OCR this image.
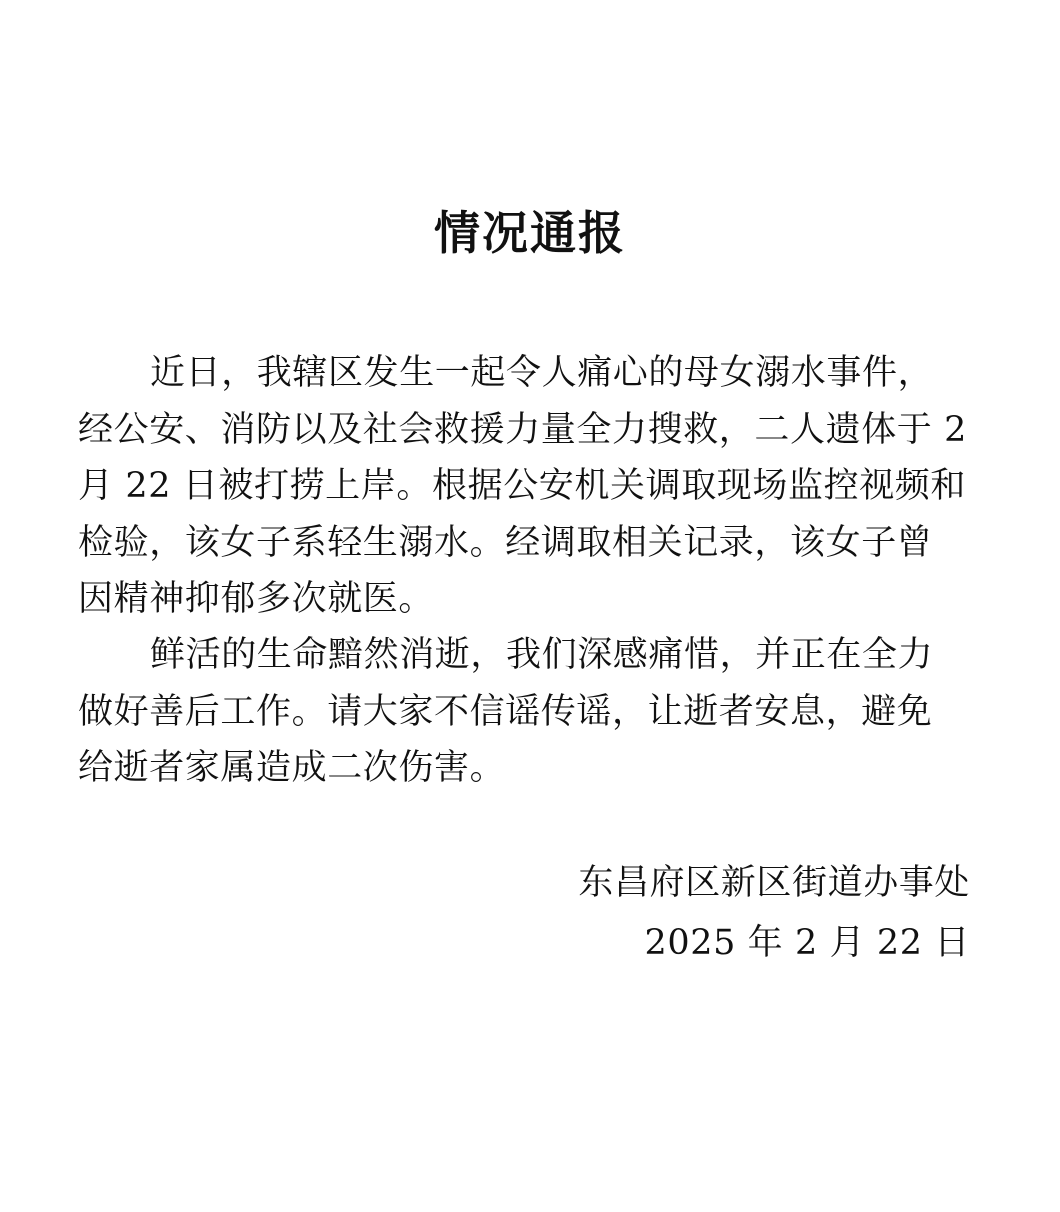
情况通报
近日，我辖区发生一起令人痛心的母女溺水事件，
经公安、消防以及社会救援力量全力搜救，二人遗体于 2
月 22 日被打捞上岸。根据公安机关调取现场监控视频和
检验，该女子系轻生溺水。经调取相关记录，该女子曾
因精神抑郁多次就医。
鲜活的生命黯然消逝，我们深感痛惜，并正在全力
做好善后工作。请大家不信谣传谣，让逝者安息，避免
给逝者家属造成二次伤害。
东昌府区新区街道办事处
2025 年 2 月 22 日
